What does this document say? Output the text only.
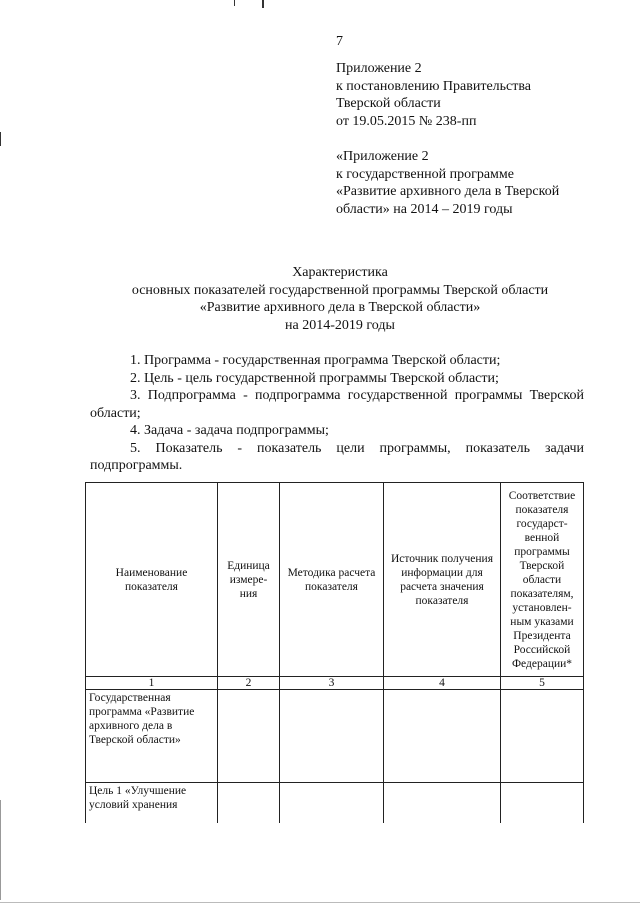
7
Приложение 2
к постановлению Правительства
Тверской области
от 19.05.2015 № 238-пп
«Приложение 2
к государственной программе
«Развитие архивного дела в Тверской
области» на 2014 – 2019 годы
Характеристика
основных показателей государственной программы Тверской области
«Развитие архивного дела в Тверской области»
на 2014-2019 годы

1. Программа - государственная программа Тверской области;

2. Цель - цель государственной программы Тверской области;

3. Подпрограмма - подпрограмма государственной программы Тверской области;

4. Задача - задача подпрограммы;

5. Показатель - показатель цели программы, показатель задачи подпрограммы.

Наименование показателя	Единица измере-ния	Методика расчета показателя	Источник получения информации для расчета значения показателя	Соответствие показателя государст-венной программы Тверской области показателям, установлен-ным указами Президента Российской Федерации*
1	2	3	4	5
Государственная программа «Развитие архивного дела в Тверской области»				
Цель 1 «Улучшение условий хранения				
